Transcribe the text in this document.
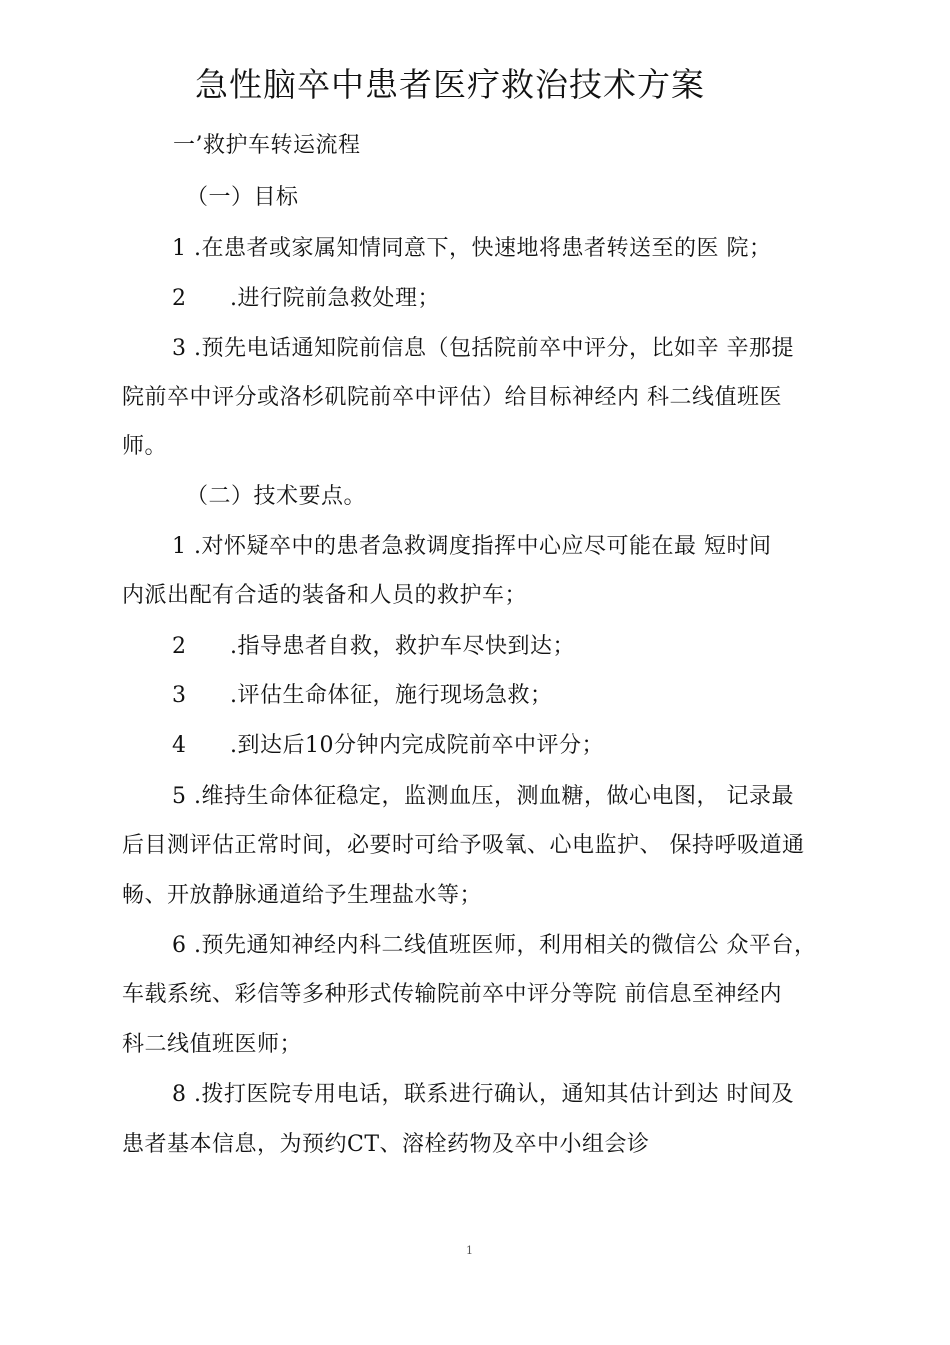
急性脑卒中患者医疗救治技术方案
一’救护车转运流程
（一）目标
1 .在患者或家属知情同意下，快速地将患者转送至的医 院；
2 .进行院前急救处理；
3 .预先电话通知院前信息（包括院前卒中评分，比如辛 辛那提
院前卒中评分或洛杉矶院前卒中评估）给目标神经内 科二线值班医
师。
（二）技术要点。
1 .对怀疑卒中的患者急救调度指挥中心应尽可能在最 短时间
内派出配有合适的装备和人员的救护车；
2 .指导患者自救，救护车尽快到达；
3 .评估生命体征，施行现场急救；
4 .到达后10分钟内完成院前卒中评分；
5 .维持生命体征稳定，监测血压，测血糖，做心电图， 记录最
后目测评估正常时间，必要时可给予吸氧、心电监护、 保持呼吸道通
畅、开放静脉通道给予生理盐水等；
6 .预先通知神经内科二线值班医师，利用相关的微信公 众平台，
车载系统、彩信等多种形式传输院前卒中评分等院 前信息至神经内
科二线值班医师；
8 .拨打医院专用电话，联系进行确认，通知其估计到达 时间及
患者基本信息，为预约CT、溶栓药物及卒中小组会诊
1
